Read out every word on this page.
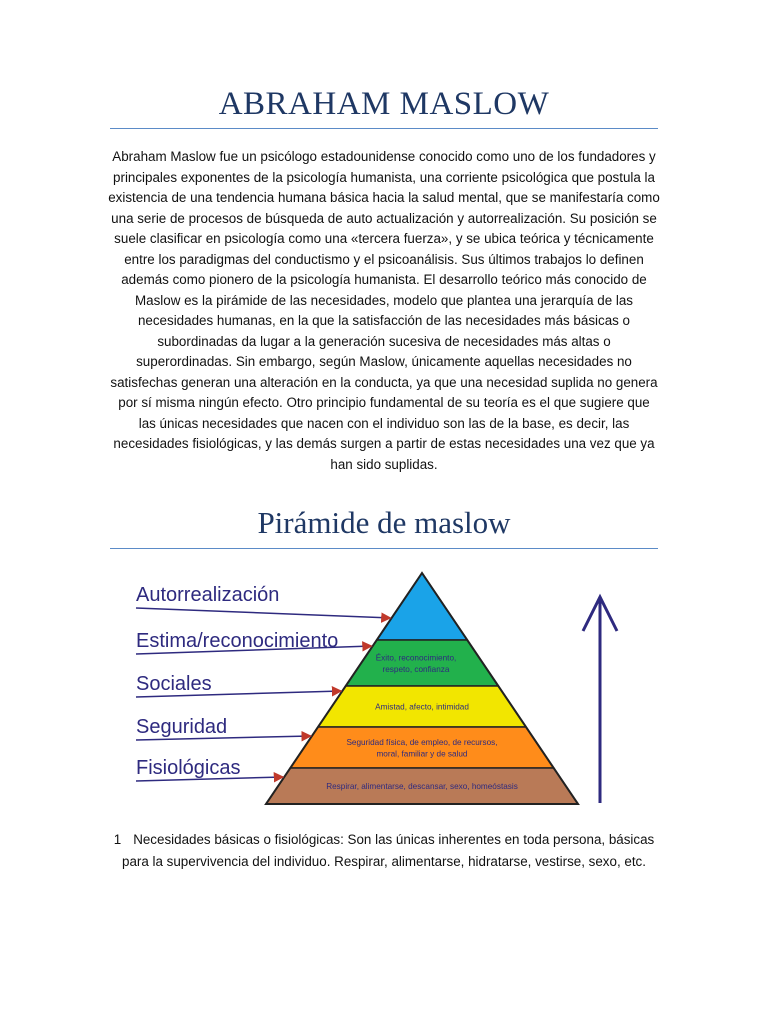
ABRAHAM MASLOW

Abraham Maslow fue un psicólogo estadounidense conocido como uno de los fundadores y principales exponentes de la psicología humanista, una corriente psicológica que postula la existencia de una tendencia humana básica hacia la salud mental, que se manifestaría como una serie de procesos de búsqueda de auto actualización y autorrealización. Su posición se suele clasificar en psicología como una «tercera fuerza», y se ubica teórica y técnicamente entre los paradigmas del conductismo y el psicoanálisis. Sus últimos trabajos lo definen además como pionero de la psicología humanista. El desarrollo teórico más conocido de Maslow es la pirámide de las necesidades, modelo que plantea una jerarquía de las necesidades humanas, en la que la satisfacción de las necesidades más básicas o subordinadas da lugar a la generación sucesiva de necesidades más altas o superordinadas. Sin embargo, según Maslow, únicamente aquellas necesidades no satisfechas generan una alteración en la conducta, ya que una necesidad suplida no genera por sí misma ningún efecto. Otro principio fundamental de su teoría es el que sugiere que las únicas necesidades que nacen con el individuo son las de la base, es decir, las necesidades fisiológicas, y las demás surgen a partir de estas necesidades una vez que ya han sido suplidas.

Pirámide de maslow
Éxito, reconocimiento,
respeto, confianza
Amistad, afecto, intimidad
Seguridad física, de empleo, de recursos,
moral, familiar y de salud
Respirar, alimentarse, descansar, sexo, homeóstasis
Autorrealización
Estima/reconocimiento
Sociales
Seguridad
Fisiológicas

1 Necesidades básicas o fisiológicas: Son las únicas inherentes en toda persona, básicas para la supervivencia del individuo. Respirar, alimentarse, hidratarse, vestirse, sexo, etc.
